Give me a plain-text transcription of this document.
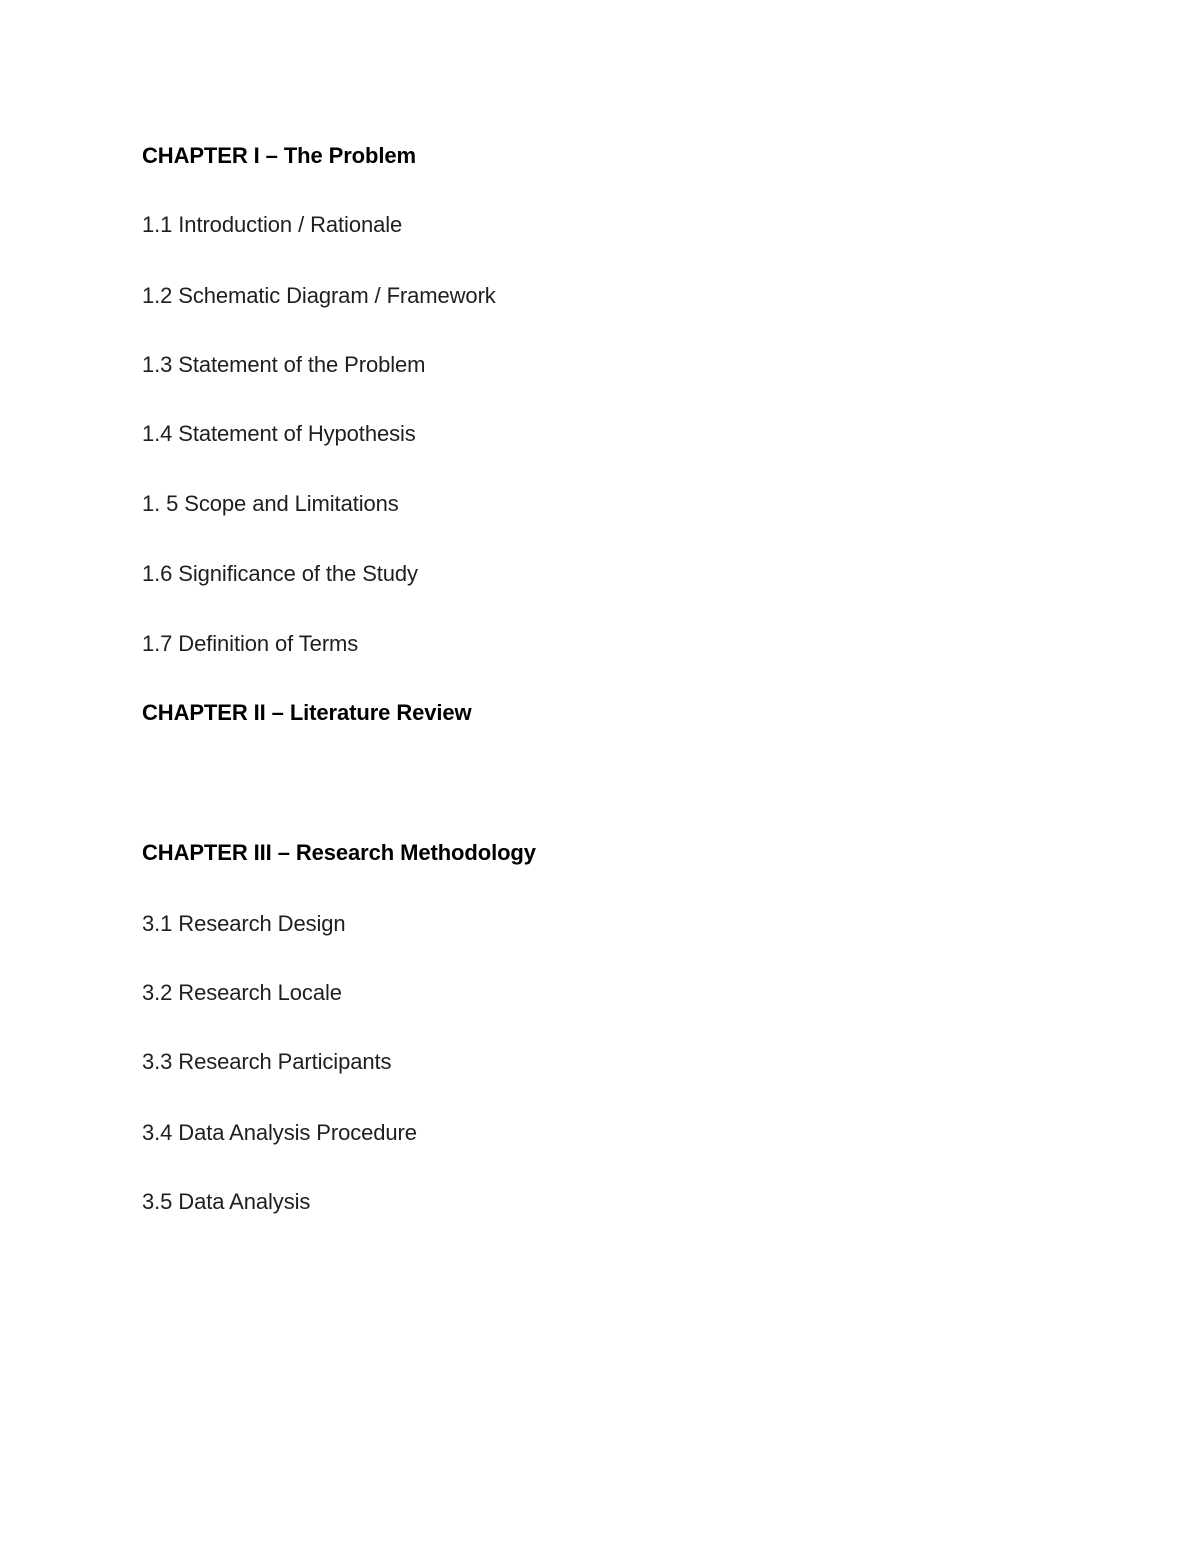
CHAPTER I – The Problem
1.1 Introduction / Rationale
1.2 Schematic Diagram / Framework
1.3 Statement of the Problem
1.4 Statement of Hypothesis
1. 5 Scope and Limitations
1.6 Significance of the Study
1.7 Definition of Terms
CHAPTER II – Literature Review
CHAPTER III – Research Methodology
3.1 Research Design
3.2 Research Locale
3.3 Research Participants
3.4 Data Analysis Procedure
3.5 Data Analysis
